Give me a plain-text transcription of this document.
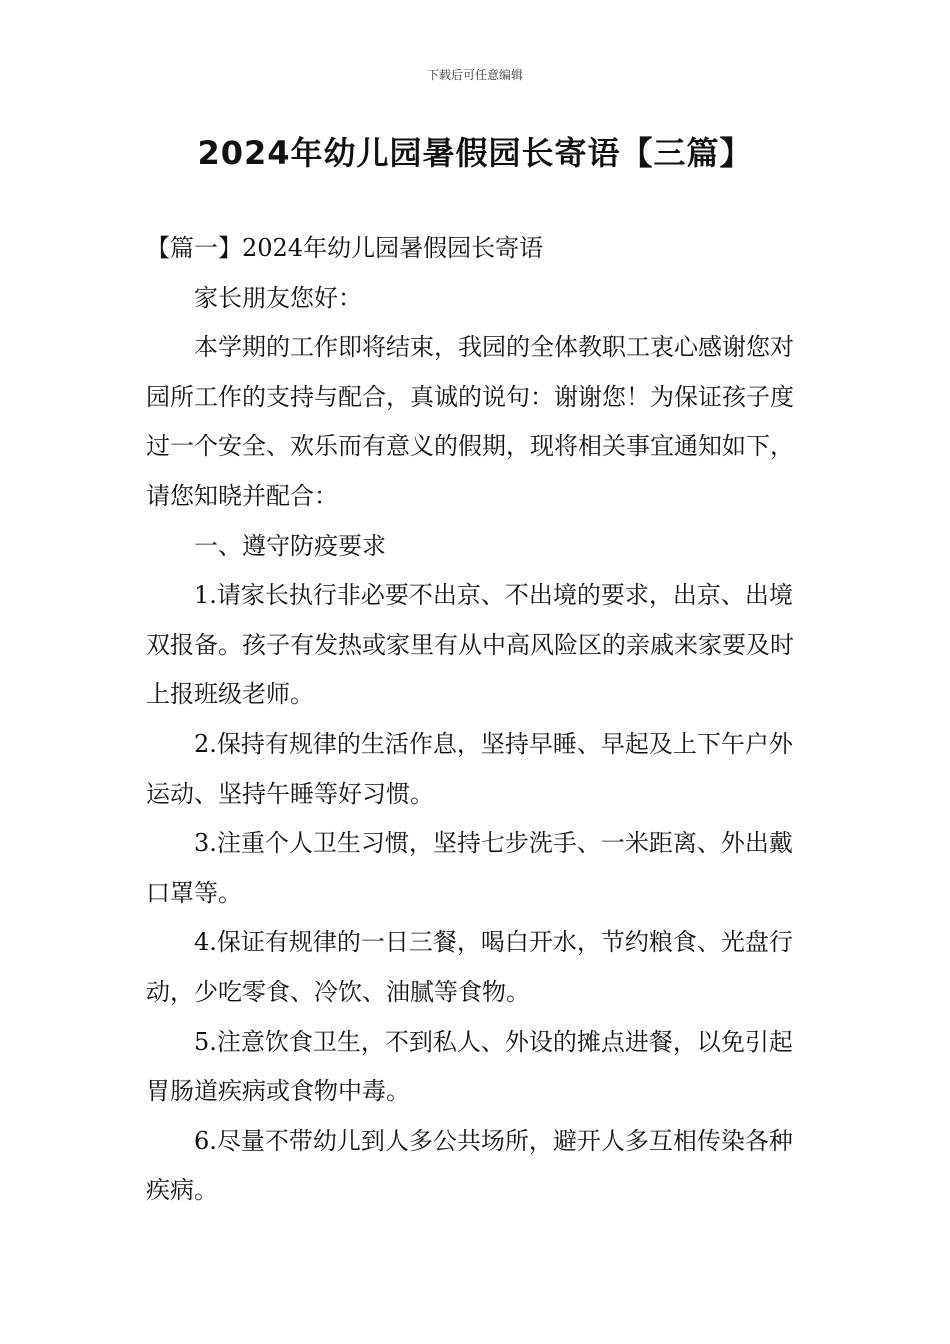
下载后可任意编辑
2024年幼儿园暑假园长寄语【三篇】

【篇一】2024年幼儿园暑假园长寄语

家长朋友您好：

本学期的工作即将结束，我园的全体教职工衷心感谢您对园所工作的支持与配合，真诚的说句：谢谢您！为保证孩子度过一个安全、欢乐而有意义的假期，现将相关事宜通知如下，请您知晓并配合：

一、遵守防疫要求

1.请家长执行非必要不出京、不出境的要求，出京、出境双报备。孩子有发热或家里有从中高风险区的亲戚来家要及时上报班级老师。

2.保持有规律的生活作息，坚持早睡、早起及上下午户外运动、坚持午睡等好习惯。

3.注重个人卫生习惯，坚持七步洗手、一米距离、外出戴口罩等。

4.保证有规律的一日三餐，喝白开水，节约粮食、光盘行动，少吃零食、冷饮、油腻等食物。

5.注意饮食卫生，不到私人、外设的摊点进餐，以免引起胃肠道疾病或食物中毒。

6.尽量不带幼儿到人多公共场所，避开人多互相传染各种疾病。
